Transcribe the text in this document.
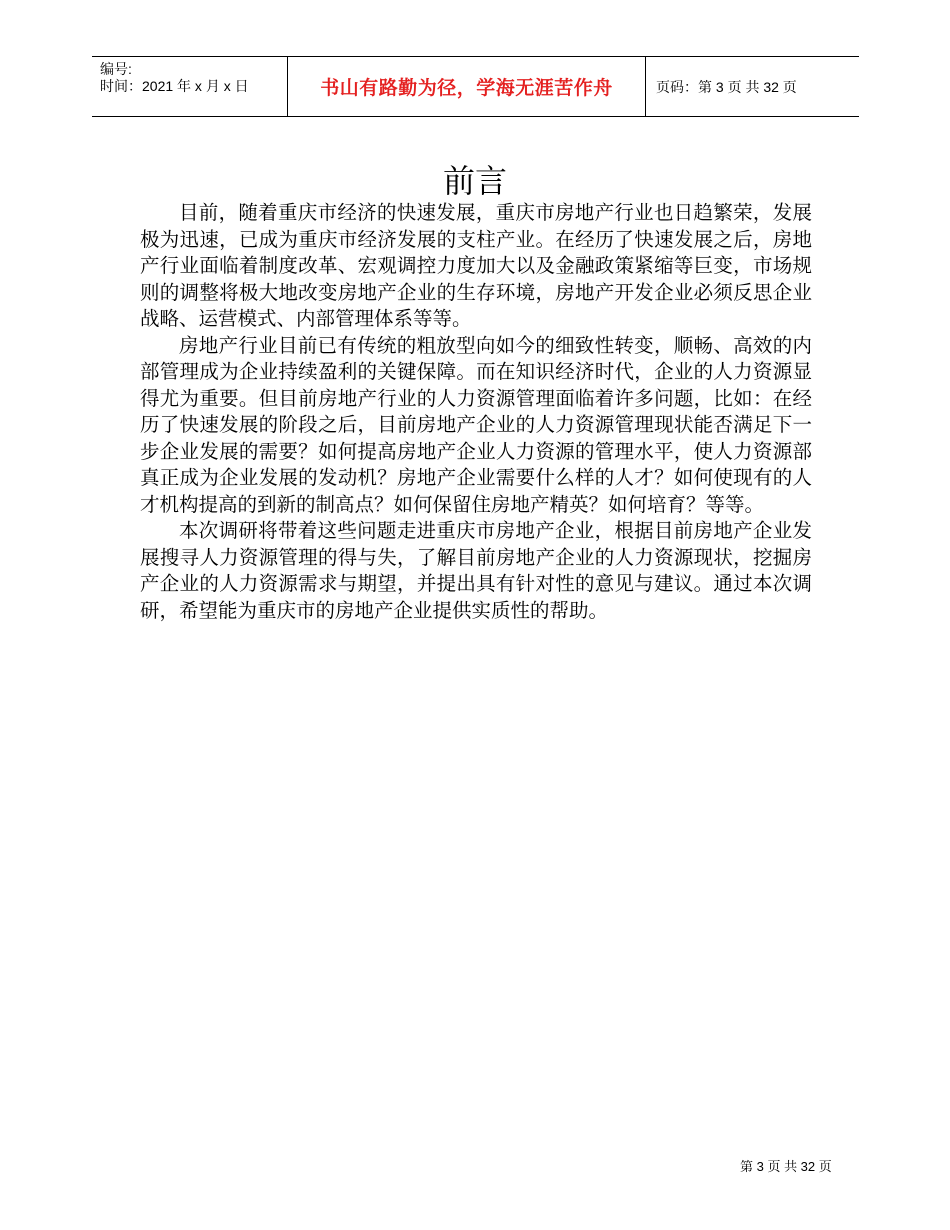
编号:
时间：2021 年 x 月 x 日	书山有路勤为径，学海无涯苦作舟	页码：第 3 页 共 32 页
前言

目前，随着重庆市经济的快速发展，重庆市房地产行业也日趋繁荣，发展极为迅速，已成为重庆市经济发展的支柱产业。在经历了快速发展之后，房地产行业面临着制度改革、宏观调控力度加大以及金融政策紧缩等巨变，市场规则的调整将极大地改变房地产企业的生存环境，房地产开发企业必须反思企业战略、运营模式、内部管理体系等等。

房地产行业目前已有传统的粗放型向如今的细致性转变，顺畅、高效的内部管理成为企业持续盈利的关键保障。而在知识经济时代，企业的人力资源显得尤为重要。但目前房地产行业的人力资源管理面临着许多问题，比如：在经历了快速发展的阶段之后，目前房地产企业的人力资源管理现状能否满足下一步企业发展的需要？如何提高房地产企业人力资源的管理水平，使人力资源部真正成为企业发展的发动机？房地产企业需要什么样的人才？如何使现有的人才机构提高的到新的制高点？如何保留住房地产精英？如何培育？等等。

本次调研将带着这些问题走进重庆市房地产企业，根据目前房地产企业发展搜寻人力资源管理的得与失，了解目前房地产企业的人力资源现状，挖掘房产企业的人力资源需求与期望，并提出具有针对性的意见与建议。通过本次调研，希望能为重庆市的房地产企业提供实质性的帮助。

第 3 页 共 32 页
